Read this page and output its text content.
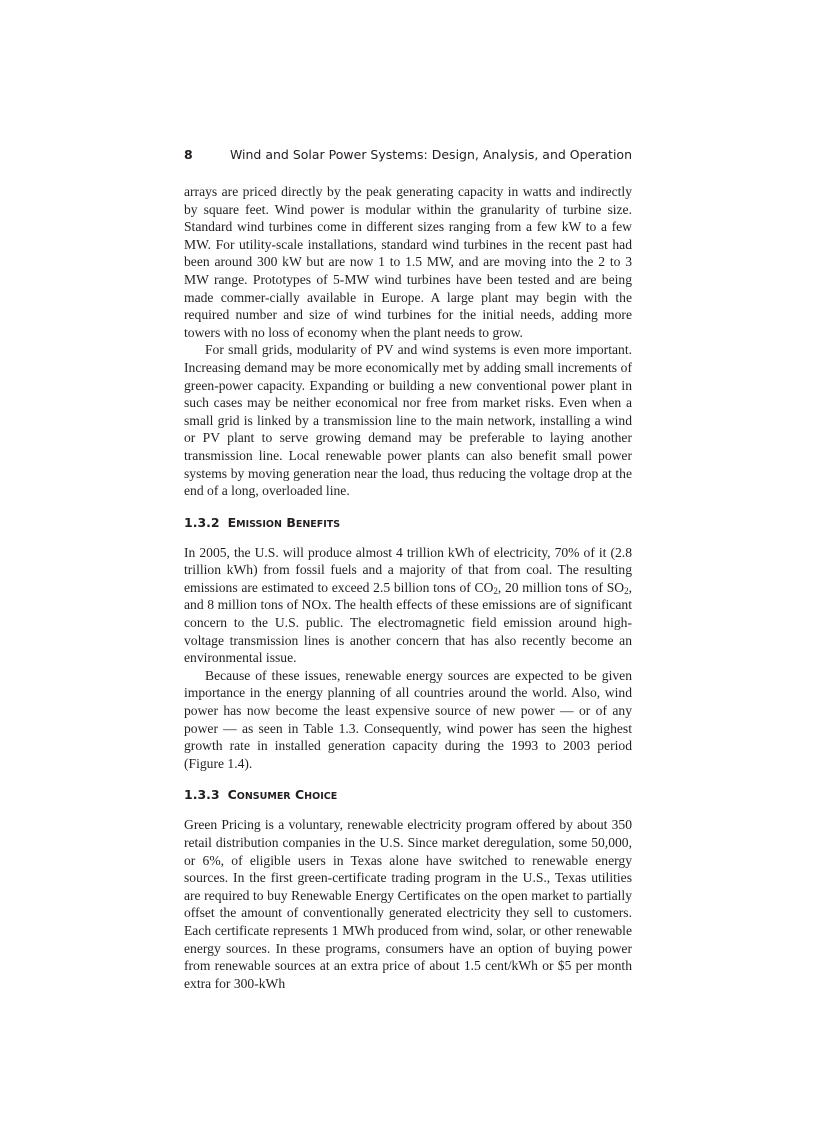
8	Wind and Solar Power Systems: Design, Analysis, and Operation

arrays are priced directly by the peak generating capacity in watts and indirectly by square feet. Wind power is modular within the granularity of turbine size. Standard wind turbines come in different sizes ranging from a few kW to a few MW. For utility-scale installations, standard wind turbines in the recent past had been around 300 kW but are now 1 to 1.5 MW, and are moving into the 2 to 3 MW range. Prototypes of 5-MW wind turbines have been tested and are being made commer-cially available in Europe. A large plant may begin with the required number and size of wind turbines for the initial needs, adding more towers with no loss of economy when the plant needs to grow.

For small grids, modularity of PV and wind systems is even more important. Increasing demand may be more economically met by adding small increments of green-power capacity. Expanding or building a new conventional power plant in such cases may be neither economical nor free from market risks. Even when a small grid is linked by a transmission line to the main network, installing a wind or PV plant to serve growing demand may be preferable to laying another transmission line. Local renewable power plants can also benefit small power systems by moving generation near the load, thus reducing the voltage drop at the end of a long, overloaded line.

1.3.2 EMISSION BENEFITS

In 2005, the U.S. will produce almost 4 trillion kWh of electricity, 70% of it (2.8 trillion kWh) from fossil fuels and a majority of that from coal. The resulting emissions are estimated to exceed 2.5 billion tons of $CO_2$, 20 million tons of $SO_2$, and 8 million tons of NOx. The health effects of these emissions are of significant concern to the U.S. public. The electromagnetic field emission around high-voltage transmission lines is another concern that has also recently become an environmental issue.

Because of these issues, renewable energy sources are expected to be given importance in the energy planning of all countries around the world. Also, wind power has now become the least expensive source of new power — or of any power — as seen in Table 1.3. Consequently, wind power has seen the highest growth rate in installed generation capacity during the 1993 to 2003 period (Figure 1.4).

1.3.3 CONSUMER CHOICE

Green Pricing is a voluntary, renewable electricity program offered by about 350 retail distribution companies in the U.S. Since market deregulation, some 50,000, or 6%, of eligible users in Texas alone have switched to renewable energy sources. In the first green-certificate trading program in the U.S., Texas utilities are required to buy Renewable Energy Certificates on the open market to partially offset the amount of conventionally generated electricity they sell to customers. Each certificate represents 1 MWh produced from wind, solar, or other renewable energy sources. In these programs, consumers have an option of buying power from renewable sources at an extra price of about 1.5 cent/kWh or $5 per month extra for 300-kWh
